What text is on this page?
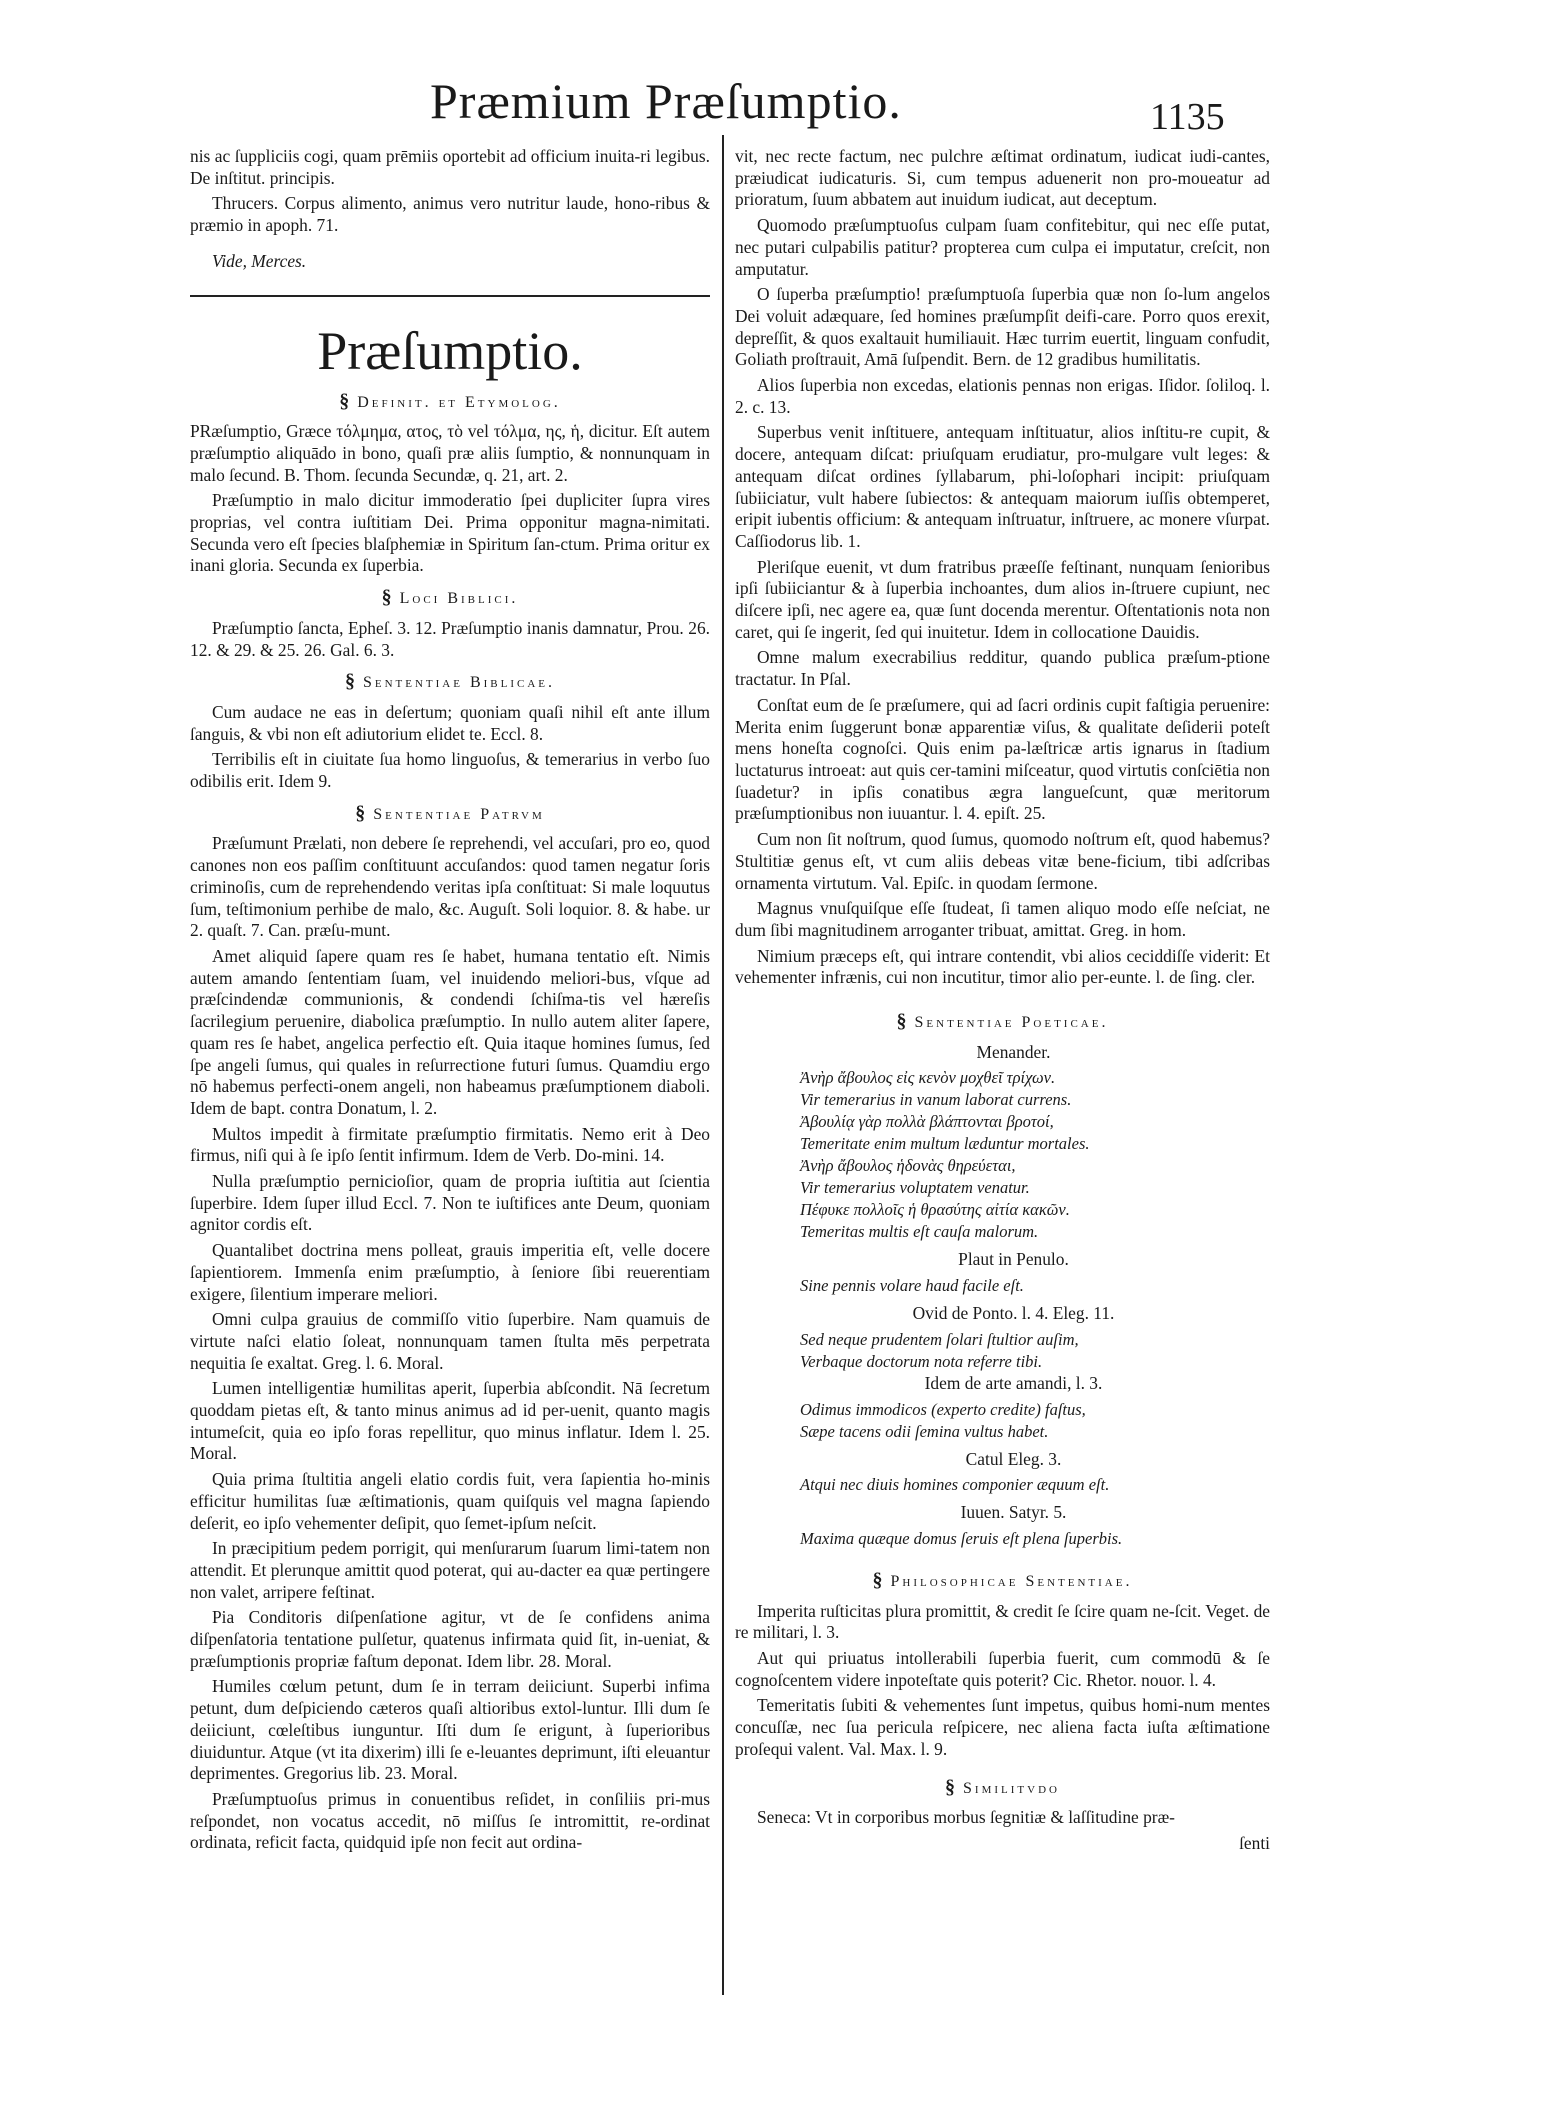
Præmium Præſumptio.	1135

nis ac ſuppliciis cogi, quam prēmiis oportebit ad officium inuita-ri legibus. De inſtitut. principis.

Thrucers. Corpus alimento, animus vero nutritur laude, hono-ribus & præmio in apoph. 71.

Vide, Merces.

Præſumptio.
§ Definit. et Etymolog.

PRæſumptio, Græce τόλμημα, ατος, τὸ vel τόλμα, ης, ἡ, dicitur. Eſt autem præſumptio aliquādo in bono, quaſi præ aliis ſumptio, & nonnunquam in malo ſecund. B. Thom. ſecunda Secundæ, q. 21, art. 2.

Præſumptio in malo dicitur immoderatio ſpei dupliciter ſupra vires proprias, vel contra iuſtitiam Dei. Prima opponitur magna-nimitati. Secunda vero eſt ſpecies blaſphemiæ in Spiritum ſan-ctum. Prima oritur ex inani gloria. Secunda ex ſuperbia.

§ Loci Biblici.

Præſumptio ſancta, Epheſ. 3. 12. Præſumptio inanis damnatur, Prou. 26. 12. & 29. & 25. 26. Gal. 6. 3.

§ Sententiae Biblicae.

Cum audace ne eas in deſertum; quoniam quaſi nihil eſt ante illum ſanguis, & vbi non eſt adiutorium elidet te. Eccl. 8.

Terribilis eſt in ciuitate ſua homo linguoſus, & temerarius in verbo ſuo odibilis erit. Idem 9.

§ Sententiae Patrvm

Præſumunt Prælati, non debere ſe reprehendi, vel accuſari, pro eo, quod canones non eos paſſim conſtituunt accuſandos: quod tamen negatur ſoris criminoſis, cum de reprehendendo veritas ipſa conſtituat: Si male loquutus ſum, teſtimonium perhibe de malo, &c. Auguſt. Soli loquior. 8. & habe. ur 2. quaſt. 7. Can. præſu-munt.

Amet aliquid ſapere quam res ſe habet, humana tentatio eſt. Nimis autem amando ſententiam ſuam, vel inuidendo meliori-bus, vſque ad præſcindendæ communionis, & condendi ſchiſma-tis vel hæreſis ſacrilegium peruenire, diabolica præſumptio. In nullo autem aliter ſapere, quam res ſe habet, angelica perfectio eſt. Quia itaque homines ſumus, ſed ſpe angeli ſumus, qui quales in reſurrectione futuri ſumus. Quamdiu ergo nō habemus perfecti-onem angeli, non habeamus præſumptionem diaboli. Idem de bapt. contra Donatum, l. 2.

Multos impedit à firmitate præſumptio firmitatis. Nemo erit à Deo firmus, niſi qui à ſe ipſo ſentit infirmum. Idem de Verb. Do-mini. 14.

Nulla præſumptio pernicioſior, quam de propria iuſtitia aut ſcientia ſuperbire. Idem ſuper illud Eccl. 7. Non te iuſtifices ante Deum, quoniam agnitor cordis eſt.

Quantalibet doctrina mens polleat, grauis imperitia eſt, velle docere ſapientiorem. Immenſa enim præſumptio, à ſeniore ſibi reuerentiam exigere, ſilentium imperare meliori.

Omni culpa grauius de commiſſo vitio ſuperbire. Nam quamuis de virtute naſci elatio ſoleat, nonnunquam tamen ſtulta mēs perpetrata nequitia ſe exaltat. Greg. l. 6. Moral.

Lumen intelligentiæ humilitas aperit, ſuperbia abſcondit. Nā ſecretum quoddam pietas eſt, & tanto minus animus ad id per-uenit, quanto magis intumeſcit, quia eo ipſo foras repellitur, quo minus inflatur. Idem l. 25. Moral.

Quia prima ſtultitia angeli elatio cordis fuit, vera ſapientia ho-minis efficitur humilitas ſuæ æſtimationis, quam quiſquis vel magna ſapiendo deſerit, eo ipſo vehementer deſipit, quo ſemet-ipſum neſcit.

In præcipitium pedem porrigit, qui menſurarum ſuarum limi-tatem non attendit. Et plerunque amittit quod poterat, qui au-dacter ea quæ pertingere non valet, arripere feſtinat.

Pia Conditoris diſpenſatione agitur, vt de ſe confidens anima diſpenſatoria tentatione pulſetur, quatenus infirmata quid ſit, in-ueniat, & præſumptionis propriæ faſtum deponat. Idem libr. 28. Moral.

Humiles cœlum petunt, dum ſe in terram deiiciunt. Superbi infima petunt, dum deſpiciendo cæteros quaſi altioribus extol-luntur. Illi dum ſe deiiciunt, cœleſtibus iunguntur. Iſti dum ſe erigunt, à ſuperioribus diuiduntur. Atque (vt ita dixerim) illi ſe e-leuantes deprimunt, iſti eleuantur deprimentes. Gregorius lib. 23. Moral.

Præſumptuoſus primus in conuentibus reſidet, in conſiliis pri-mus reſpondet, non vocatus accedit, nō miſſus ſe intromittit, re-ordinat ordinata, reficit facta, quidquid ipſe non fecit aut ordina-

vit, nec recte factum, nec pulchre æſtimat ordinatum, iudicat iudi-cantes, præiudicat iudicaturis. Si, cum tempus aduenerit non pro-moueatur ad prioratum, ſuum abbatem aut inuidum iudicat, aut deceptum.

Quomodo præſumptuoſus culpam ſuam confitebitur, qui nec eſſe putat, nec putari culpabilis patitur? propterea cum culpa ei imputatur, creſcit, non amputatur.

O ſuperba præſumptio! præſumptuoſa ſuperbia quæ non ſo-lum angelos Dei voluit adæquare, ſed homines præſumpſit deifi-care. Porro quos erexit, depreſſit, & quos exaltauit humiliauit. Hæc turrim euertit, linguam confudit, Goliath proſtrauit, Amā ſuſpendit. Bern. de 12 gradibus humilitatis.

Alios ſuperbia non excedas, elationis pennas non erigas. Iſidor. ſoliloq. l. 2. c. 13.

Superbus venit inſtituere, antequam inſtituatur, alios inſtitu-re cupit, & docere, antequam diſcat: priuſquam erudiatur, pro-mulgare vult leges: & antequam diſcat ordines ſyllabarum, phi-loſophari incipit: priuſquam ſubiiciatur, vult habere ſubiectos: & antequam maiorum iuſſis obtemperet, eripit iubentis officium: & antequam inſtruatur, inſtruere, ac monere vſurpat. Caſſiodorus lib. 1.

Pleriſque euenit, vt dum fratribus præeſſe feſtinant, nunquam ſenioribus ipſi ſubiiciantur & à ſuperbia inchoantes, dum alios in-ſtruere cupiunt, nec diſcere ipſi, nec agere ea, quæ ſunt docenda merentur. Oſtentationis nota non caret, qui ſe ingerit, ſed qui inuitetur. Idem in collocatione Dauidis.

Omne malum execrabilius redditur, quando publica præſum-ptione tractatur. In Pſal.

Conſtat eum de ſe præſumere, qui ad ſacri ordinis cupit faſtigia peruenire: Merita enim ſuggerunt bonæ apparentiæ viſus, & qualitate deſiderii poteſt mens honeſta cognoſci. Quis enim pa-læſtricæ artis ignarus in ſtadium luctaturus introeat: aut quis cer-tamini miſceatur, quod virtutis conſciētia non ſuadetur? in ipſis conatibus ægra langueſcunt, quæ meritorum præſumptionibus non iuuantur. l. 4. epiſt. 25.

Cum non ſit noſtrum, quod ſumus, quomodo noſtrum eſt, quod habemus? Stultitiæ genus eſt, vt cum aliis debeas vitæ bene-ficium, tibi adſcribas ornamenta virtutum. Val. Epiſc. in quodam ſermone.

Magnus vnuſquiſque eſſe ſtudeat, ſi tamen aliquo modo eſſe neſciat, ne dum ſibi magnitudinem arroganter tribuat, amittat. Greg. in hom.

Nimium præceps eſt, qui intrare contendit, vbi alios ceciddiſſe viderit: Et vehementer infrænis, cui non incutitur, timor alio per-eunte. l. de ſing. cler.

§ Sententiae Poeticae.

Menander.

Ἀνὴρ ἄβουλος εἰς κενὸν μοχθεῖ τρίχων.
Vir temerarius in vanum laborat currens.
Ἀβουλίᾳ γὰρ πολλὰ βλάπτονται βροτοί,
Temeritate enim multum læduntur mortales.
Ἀνὴρ ἄβουλος ἡδονὰς θηρεύεται,
Vir temerarius voluptatem venatur.
Πέφυκε πολλοῖς ἡ θρασύτης αἰτία κακῶν.
Temeritas multis eſt cauſa malorum.

Plaut in Penulo.

Sine pennis volare haud facile eſt.

Ovid de Ponto. l. 4. Eleg. 11.

Sed neque prudentem ſolari ſtultior auſim,
Verbaque doctorum nota referre tibi.

Idem de arte amandi, l. 3.

Odimus immodicos (experto credite) faſtus,
Sæpe tacens odii ſemina vultus habet.

Catul Eleg. 3.

Atqui nec diuis homines componier æquum eſt.

Iuuen. Satyr. 5.

Maxima quæque domus ſeruis eſt plena ſuperbis.
§ Philosophicae Sententiae.

Imperita ruſticitas plura promittit, & credit ſe ſcire quam ne-ſcit. Veget. de re militari, l. 3.

Aut qui priuatus intollerabili ſuperbia fuerit, cum commodū & ſe cognoſcentem videre inpoteſtate quis poterit? Cic. Rhetor. nouor. l. 4.

Temeritatis ſubiti & vehementes ſunt impetus, quibus homi-num mentes concuſſæ, nec ſua pericula reſpicere, nec aliena facta iuſta æſtimatione proſequi valent. Val. Max. l. 9.

§ Similitvdo

Seneca: Vt in corporibus morbus ſegnitiæ & laſſitudine præ-

ſenti
